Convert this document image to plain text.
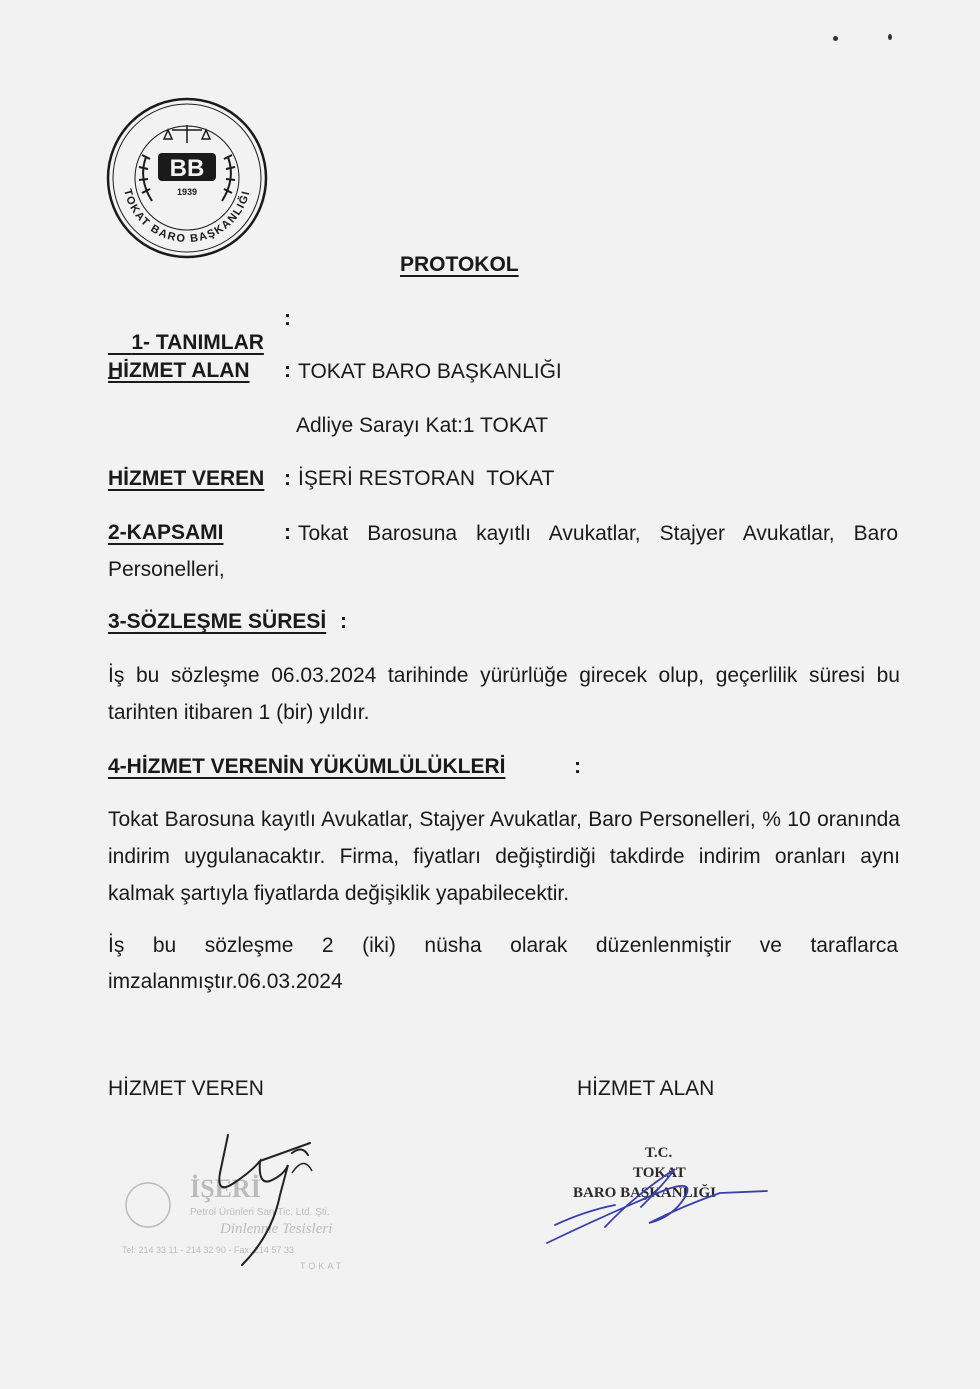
TOKAT BARO BAŞKANLIĞI
BB
1939
PROTOKOL

1- TANIMLAR
:

HİZMET ALAN : TOKAT BARO BAŞKANLIĞI
Adliye Sarayı Kat:1 TOKAT
HİZMET VEREN : İŞERİ RESTORAN  TOKAT
2-KAPSAMI	: Tokat Barosuna kayıtlı Avukatlar, Stajyer Avukatlar, Baro
Personelleri,
3-SÖZLEŞME SÜRESİ :
İş bu sözleşme 06.03.2024 tarihinde yürürlüğe girecek olup, geçerlilik süresi bu tarihten itibaren 1 (bir) yıldır.
4-HİZMET VERENİN YÜKÜMLÜLÜKLERİ	:
Tokat Barosuna kayıtlı Avukatlar, Stajyer Avukatlar, Baro Personelleri, % 10 oranında indirim uygulanacaktır. Firma, fiyatları değiştirdiği takdirde indirim oranları aynı kalmak şartıyla fiyatlarda değişiklik yapabilecektir.
İş bu sözleşme 2 (iki) nüsha olarak düzenlenmiştir ve taraflarca
imzalanmıştır.06.03.2024
HİZMET VEREN	HİZMET ALAN
İŞERİ
Petrol Ürünleri San.Tic. Ltd. Şti.
Dinlenme Tesisleri
Tel: 214 33 11 - 214 32 90 - Fax: 214 57 33
TOKAT
T.C.
TOKAT
BARO BAŞKANLIĞI
